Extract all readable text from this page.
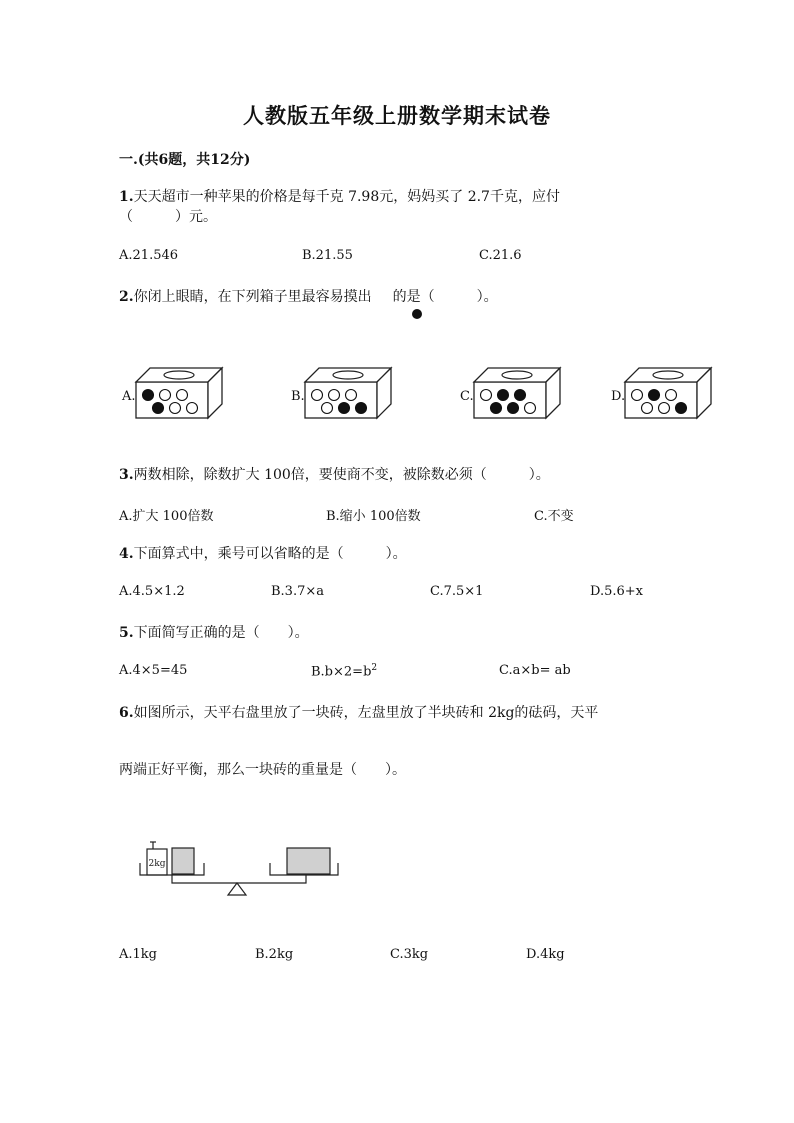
人教版五年级上册数学期末试卷
一.(共6题，共12分)
1.天天超市一种苹果的价格是每千克 7.98元，妈妈买了 2.7千克，应付
（　　　）元。
A.21.546	B.21.55	C.21.6
2.你闭上眼睛，在下列箱子里最容易摸出 的是（　　　）。
A.	B.	C.	D.
3.两数相除，除数扩大 100倍，要使商不变，被除数必须（　　　）。
A.扩大 100倍数	B.缩小 100倍数	C.不变
4.下面算式中，乘号可以省略的是（　　　）。
A.4.5×1.2	B.3.7×a	C.7.5×1	D.5.6+x
5.下面简写正确的是（　　）。
A.4×5=45	$B.b\times 2=b^2$	C.a×b= ab
6.如图所示，天平右盘里放了一块砖，左盘里放了半块砖和 2kg的砝码，天平
两端正好平衡，那么一块砖的重量是（　　）。
2kg
A.1kg	B.2kg	C.3kg	D.4kg
